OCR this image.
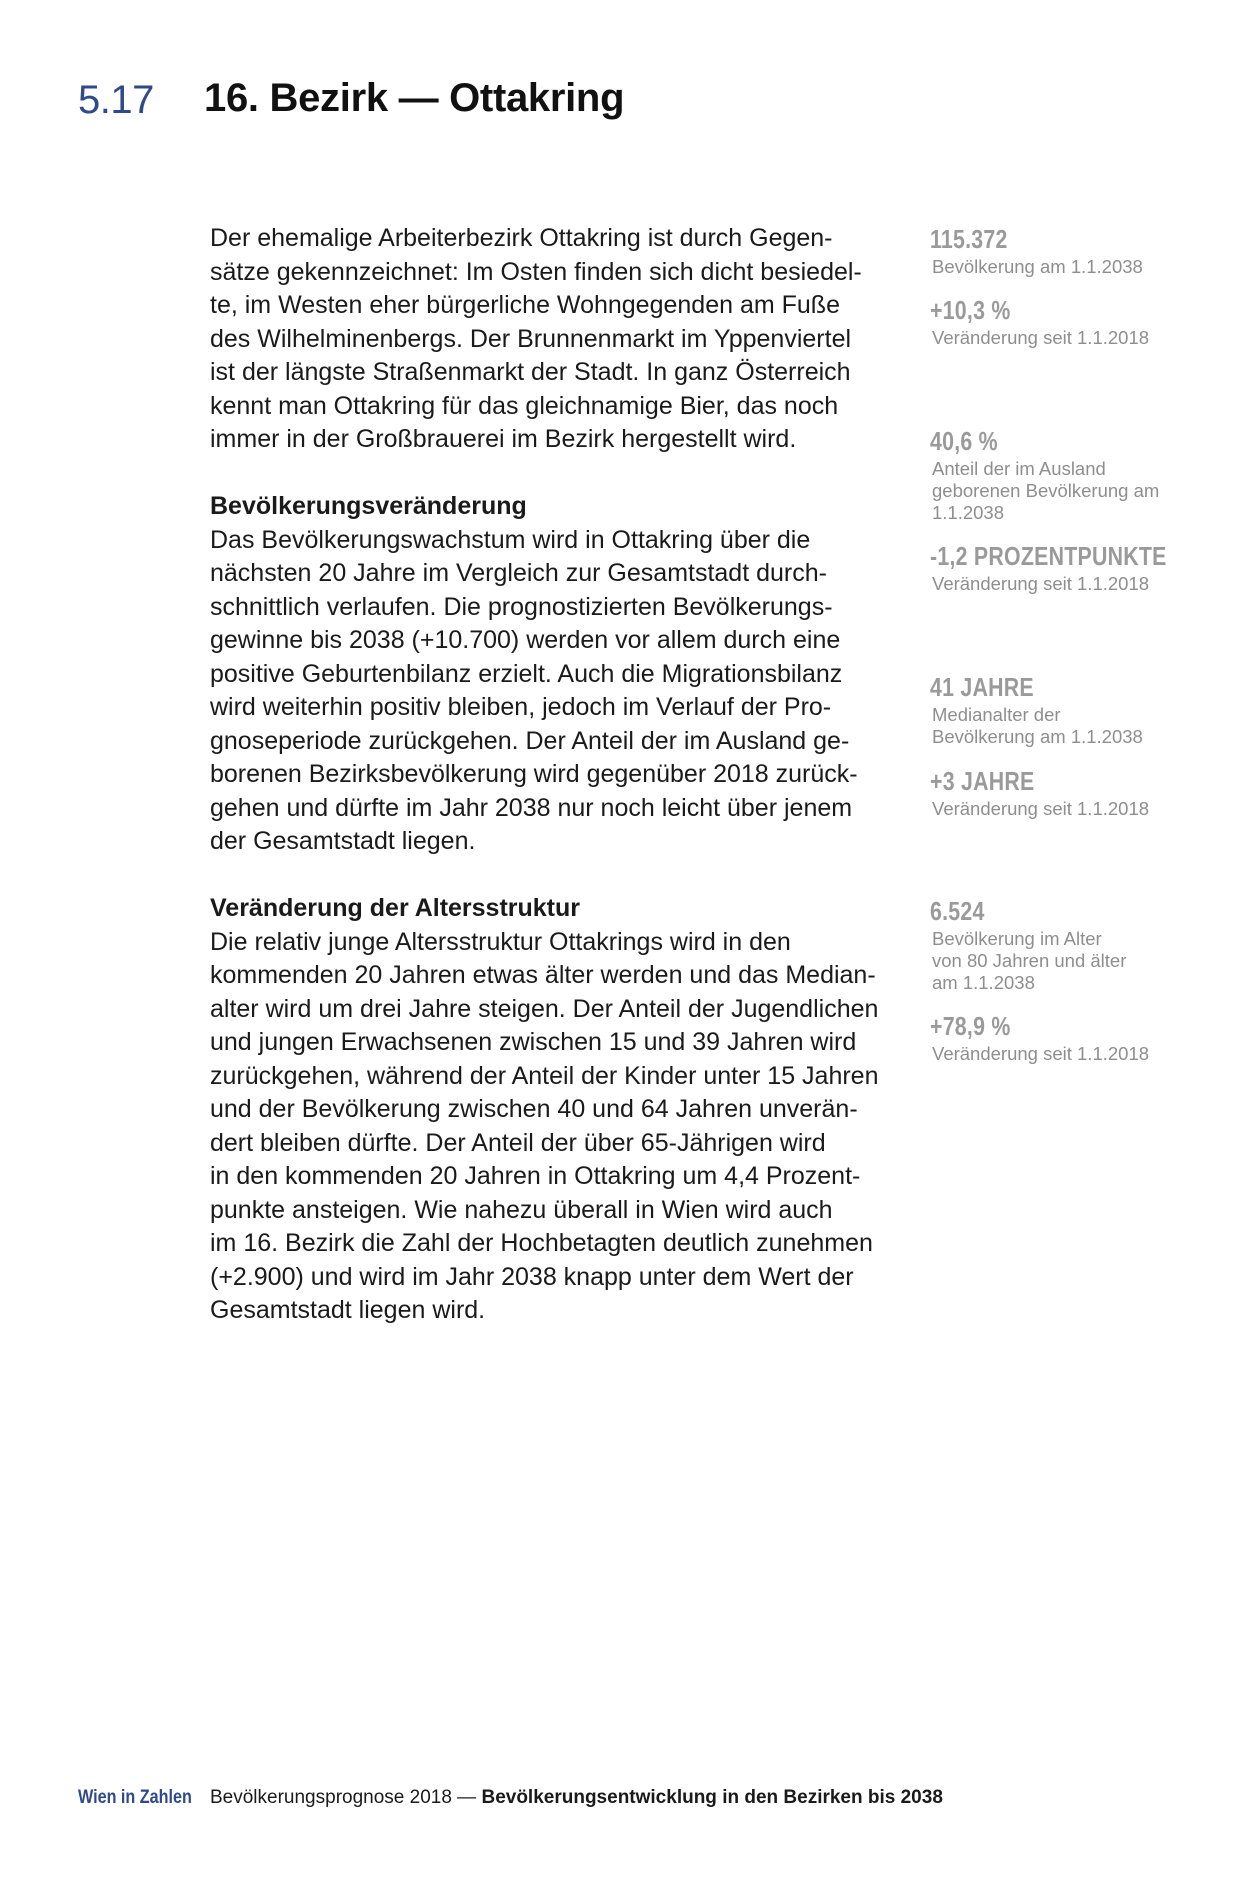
5.17 16. Bezirk — Ottakring

Der ehemalige Arbeiterbezirk Ottakring ist durch Gegen-
sätze gekennzeichnet: Im Osten finden sich dicht besiedel-
te, im Westen eher bürgerliche Wohngegenden am Fuße
des Wilhelminenbergs. Der Brunnenmarkt im Yppenviertel
ist der längste Straßenmarkt der Stadt. In ganz Österreich
kennt man Ottakring für das gleichnamige Bier, das noch
immer in der Großbrauerei im Bezirk hergestellt wird.

Bevölkerungsveränderung

Das Bevölkerungswachstum wird in Ottakring über die
nächsten 20 Jahre im Vergleich zur Gesamtstadt durch-
schnittlich verlaufen. Die prognostizierten Bevölkerungs-
gewinne bis 2038 (+10.700) werden vor allem durch eine
positive Geburtenbilanz erzielt. Auch die Migrationsbilanz
wird weiterhin positiv bleiben, jedoch im Verlauf der Pro-
gnoseperiode zurückgehen. Der Anteil der im Ausland ge-
borenen Bezirksbevölkerung wird gegenüber 2018 zurück-
gehen und dürfte im Jahr 2038 nur noch leicht über jenem
der Gesamtstadt liegen.

Veränderung der Altersstruktur

Die relativ junge Altersstruktur Ottakrings wird in den
kommenden 20 Jahren etwas älter werden und das Median-
alter wird um drei Jahre steigen. Der Anteil der Jugendlichen
und jungen Erwachsenen zwischen 15 und 39 Jahren wird
zurückgehen, während der Anteil der Kinder unter 15 Jahren
und der Bevölkerung zwischen 40 und 64 Jahren unverän-
dert bleiben dürfte. Der Anteil der über 65-Jährigen wird
in den kommenden 20 Jahren in Ottakring um 4,4 Prozent-
punkte ansteigen. Wie nahezu überall in Wien wird auch
im 16. Bezirk die Zahl der Hochbetagten deutlich zunehmen
(+2.900) und wird im Jahr 2038 knapp unter dem Wert der
Gesamtstadt liegen wird.

115.372
Bevölkerung am 1.1.2038
+10,3 %
Veränderung seit 1.1.2018
40,6 %
Anteil der im Ausland
geborenen Bevölkerung am
1.1.2038
-1,2 PROZENTPUNKTE
Veränderung seit 1.1.2018
41 JAHRE
Medianalter der
Bevölkerung am 1.1.2038
+3 JAHRE
Veränderung seit 1.1.2018
6.524
Bevölkerung im Alter
von 80 Jahren und älter
am 1.1.2038
+78,9 %
Veränderung seit 1.1.2018
Wien in Zahlen Bevölkerungsprognose 2018 — Bevölkerungsentwicklung in den Bezirken bis 2038
